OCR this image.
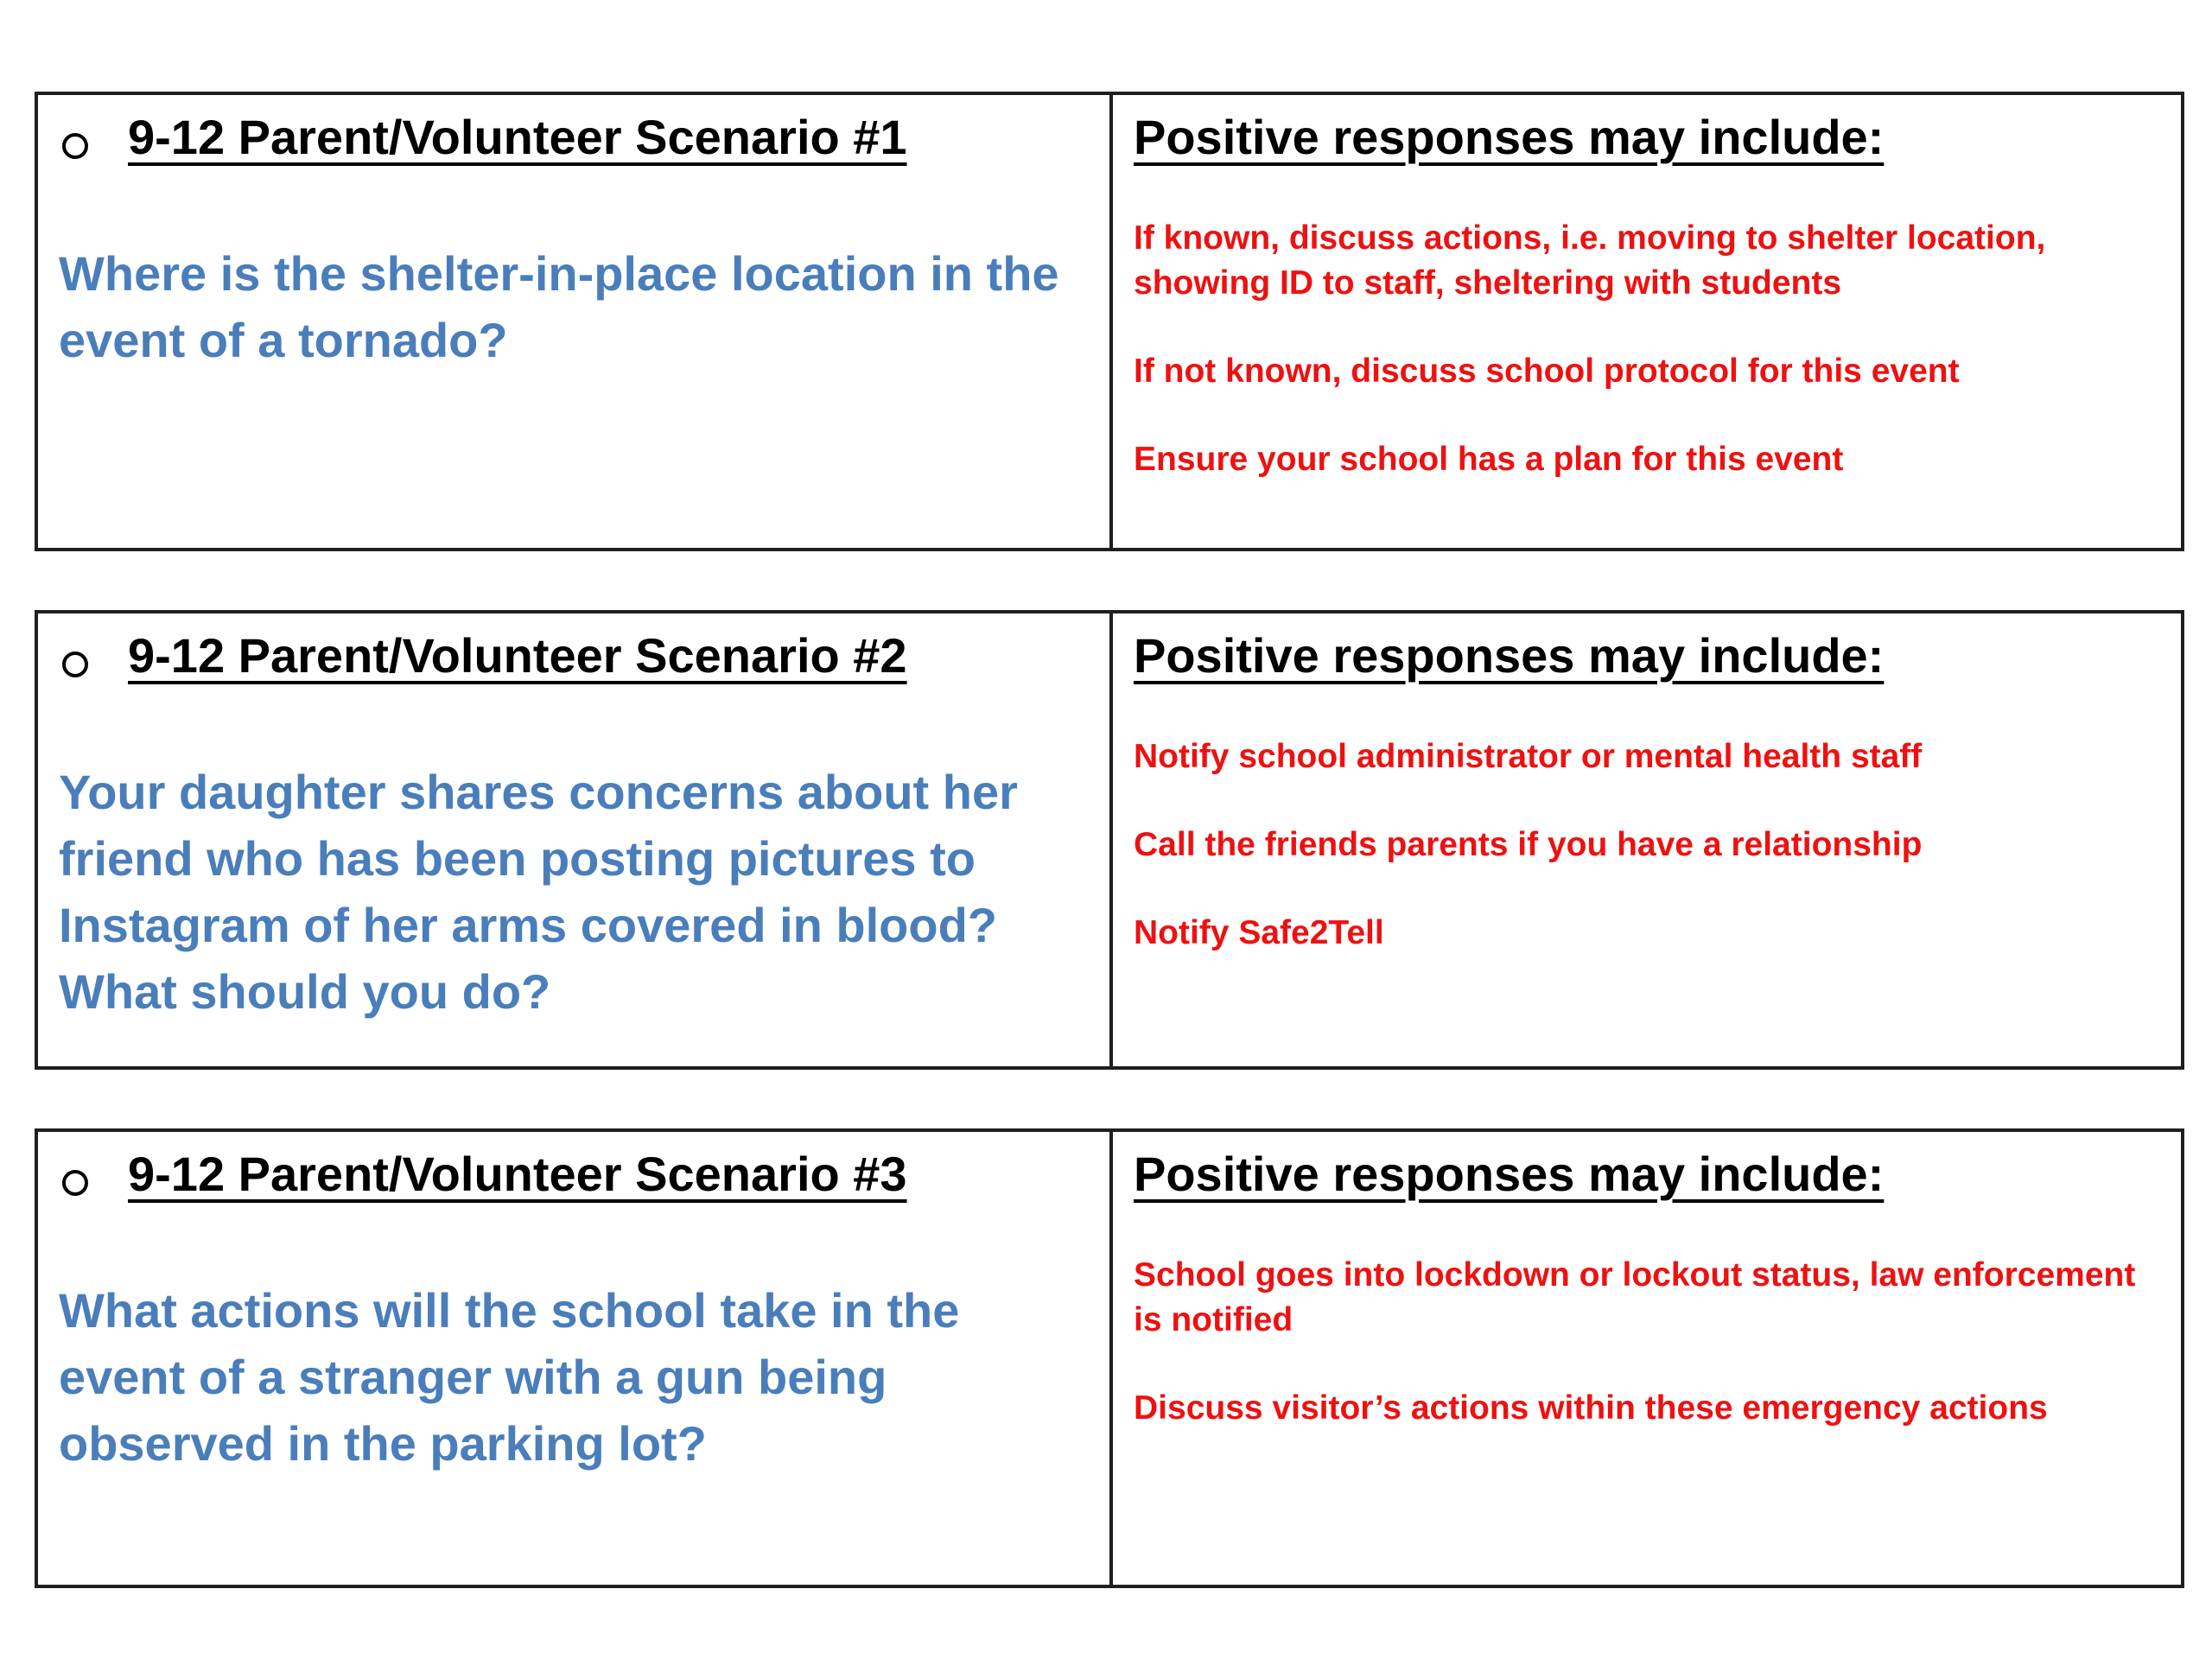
9-12 Parent/Volunteer Scenario #1
Where is the shelter-in-place location in the event of a tornado?
Positive responses may include:
If known, discuss actions, i.e. moving to shelter location, showing ID to staff, sheltering with students
If not known, discuss school protocol for this event
Ensure your school has a plan for this event
9-12 Parent/Volunteer Scenario #2
Your daughter shares concerns about her friend who has been posting pictures to Instagram of her arms covered in blood? What should you do?
Positive responses may include:
Notify school administrator or mental health staff
Call the friends parents if you have a relationship
Notify Safe2Tell
9-12 Parent/Volunteer Scenario #3
What actions will the school take in the event of a stranger with a gun being observed in the parking lot?
Positive responses may include:
School goes into lockdown or lockout status, law enforcement is notified
Discuss visitor’s actions within these emergency actions
